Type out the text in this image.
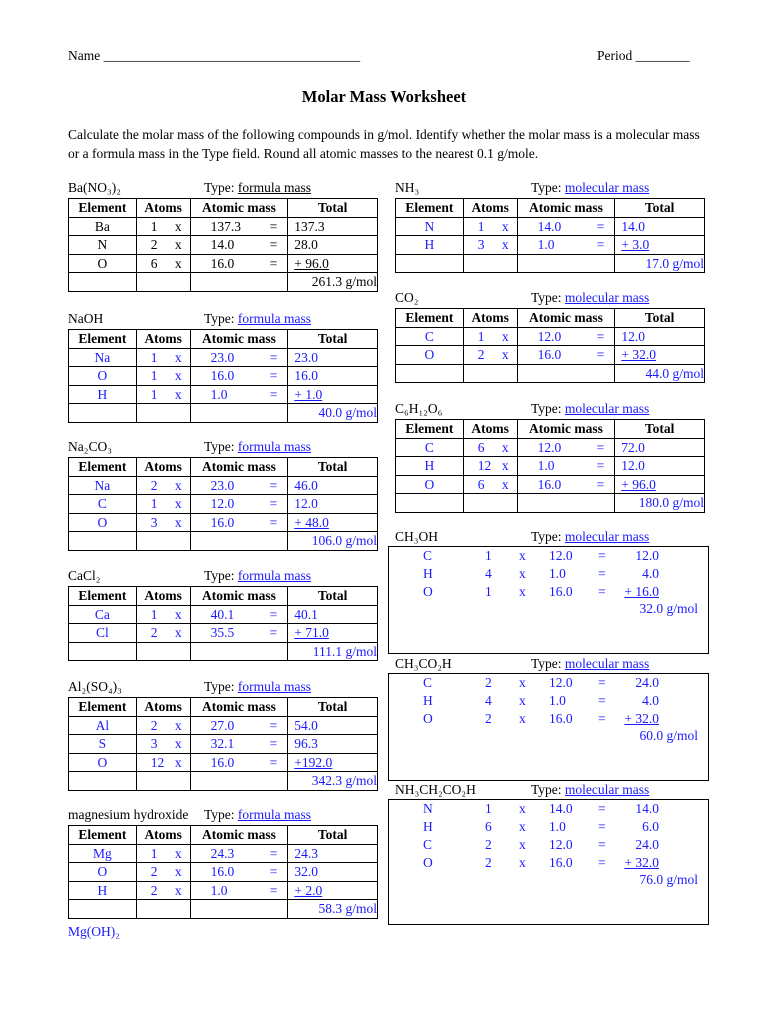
Name ______________________________________	Period ________
Molar Mass Worksheet
Calculate the molar mass of the following compounds in g/mol. Identify whether the molar mass is a molecular mass or a formula mass in the Type field. Round all atomic masses to the nearest 0.1 g/mole.
Ba(NO₃)₂	Type: formula mass
Element	Atoms	Atomic mass	Total
Ba	1 x	137.3 =	137.3

N	2 x	14.0 =	28.0

O	6 x	16.0 =	+ 96.0

			261.3 g/mol
NaOH	Type: formula mass
Element	Atoms	Atomic mass	Total
Na	1 x	23.0 =	23.0

O	1 x	16.0 =	16.0

H	1 x	1.0 =	+ 1.0

			40.0 g/mol
Na₂CO₃	Type: formula mass
Element	Atoms	Atomic mass	Total
Na	2 x	23.0 =	46.0

C	1 x	12.0 =	12.0

O	3 x	16.0 =	+ 48.0

			106.0 g/mol
CaCl₂	Type: formula mass
Element	Atoms	Atomic mass	Total
Ca	1 x	40.1 =	40.1

Cl	2 x	35.5 =	+ 71.0

			111.1 g/mol
Al₂(SO₄)₃	Type: formula mass
Element	Atoms	Atomic mass	Total
Al	2 x	27.0 =	54.0

S	3 x	32.1 =	96.3

O	12 x	16.0 =	+192.0

			342.3 g/mol
magnesium hydroxide Type: formula mass
Element	Atoms	Atomic mass	Total
Mg	1 x	24.3 =	24.3

O	2 x	16.0 =	32.0

H	2 x	1.0 =	+ 2.0

			58.3 g/mol
Mg(OH)₂
NH₃	Type: molecular mass
Element	Atoms	Atomic mass	Total
N	1 x	14.0 =	14.0

H	3 x	1.0 =	+ 3.0

			17.0 g/mol
CO₂	Type: molecular mass
Element	Atoms	Atomic mass	Total
C	1 x	12.0 =	12.0

O	2 x	16.0 =	+ 32.0

			44.0 g/mol
C₆H₁₂O₆	Type: molecular mass
Element	Atoms	Atomic mass	Total
C	6 x	12.0 =	72.0

H	12 x	1.0 =	12.0

O	6 x	16.0 =	+ 96.0

			180.0 g/mol
CH₃OH	Type: molecular mass
C	1 x 12.0 = 12.0
H	4 x 1.0 =	4.0
O	1 x 16.0 = + 16.0
32.0 g/mol
CH₃CO₂H	Type: molecular mass
C	2 x 12.0 = 24.0
H	4 x 1.0 =	4.0
O	2 x 16.0 = + 32.0
60.0 g/mol
NH₃CH₂CO₂H	Type: molecular mass
N	1 x 14.0 = 14.0
H	6 x 1.0 =	6.0
C	2 x 12.0 = 24.0
O	2 x 16.0 = + 32.0
76.0 g/mol
